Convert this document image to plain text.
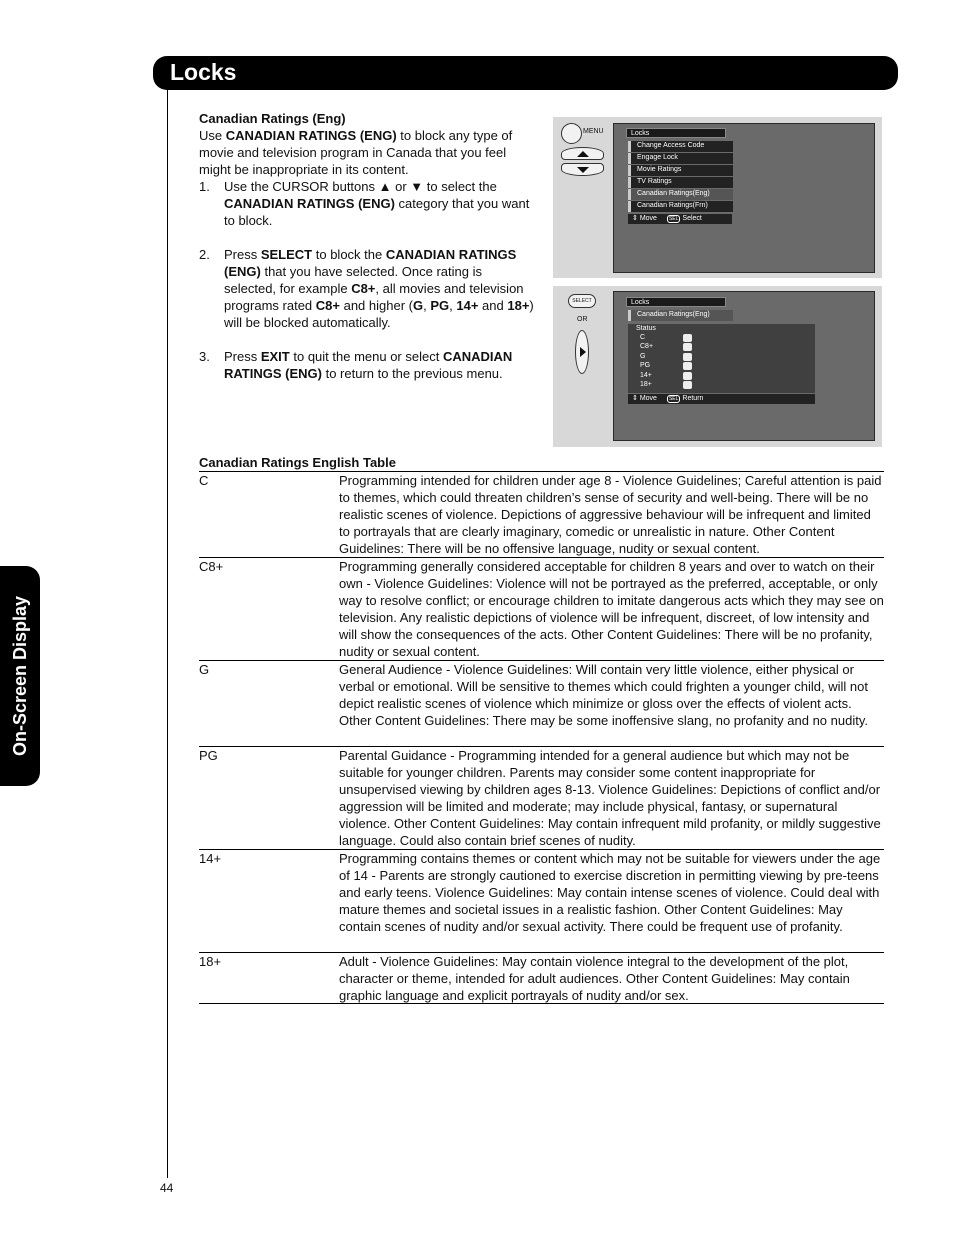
Locks
On-Screen Display

Canadian Ratings (Eng)

Use CANADIAN RATINGS (ENG) to block any type of movie and television program in Canada that you feel might be inappropriate in its content.

1. Use the CURSOR buttons ▲ or ▼ to select the CANADIAN RATINGS (ENG) category that you want to block.
2. Press SELECT to block the CANADIAN RATINGS (ENG) that you have selected. Once rating is selected, for example C8+, all movies and television programs rated C8+ and higher (G, PG, 14+ and 18+) will be blocked automatically.
3. Press EXIT to quit the menu or select CANADIAN RATINGS (ENG) to return to the previous menu.
MENU	Locks
Change Access Code
Engage Lock
Movie Ratings
TV Ratings
Canadian Ratings(Eng)
Canadian Ratings(Frn)
⇕ Move SEL Select
SELECT
OR
Locks
Canadian Ratings(Eng)
Status
C
C8+
G
PG
14+
18+
⇕ Move SEL Return
Canadian Ratings English Table
C	Programming intended for children under age 8 - Violence Guidelines; Careful attention is paid to themes, which could threaten children’s sense of security and well-being. There will be no realistic scenes of violence. Depictions of aggressive behaviour will be infrequent and limited to portrayals that are clearly imaginary, comedic or unrealistic in nature. Other Content Guidelines: There will be no offensive language, nudity or sexual content.
C8+	Programming generally considered acceptable for children 8 years and over to watch on their own - Violence Guidelines: Violence will not be portrayed as the preferred, acceptable, or only way to resolve conflict; or encourage children to imitate dangerous acts which they may see on television. Any realistic depictions of violence will be infrequent, discreet, of low intensity and will show the consequences of the acts. Other Content Guidelines: There will be no profanity, nudity or sexual content.
G	General Audience - Violence Guidelines: Will contain very little violence, either physical or verbal or emotional. Will be sensitive to themes which could frighten a younger child, will not depict realistic scenes of violence which minimize or gloss over the effects of violent acts. Other Content Guidelines: There may be some inoffensive slang, no profanity and no nudity.
PG	Parental Guidance - Programming intended for a general audience but which may not be suitable for younger children. Parents may consider some content inappropriate for unsupervised viewing by children ages 8-13. Violence Guidelines: Depictions of conflict and/or aggression will be limited and moderate; may include physical, fantasy, or supernatural violence. Other Content Guidelines: May contain infrequent mild profanity, or mildly suggestive language. Could also contain brief scenes of nudity.
14+	Programming contains themes or content which may not be suitable for viewers under the age of 14 - Parents are strongly cautioned to exercise discretion in permitting viewing by pre-teens and early teens. Violence Guidelines: May contain intense scenes of violence. Could deal with mature themes and societal issues in a realistic fashion. Other Content Guidelines: May contain scenes of nudity and/or sexual activity. There could be frequent use of profanity.
18+	Adult - Violence Guidelines: May contain violence integral to the development of the plot, character or theme, intended for adult audiences. Other Content Guidelines: May contain graphic language and explicit portrayals of nudity and/or sex.
44
